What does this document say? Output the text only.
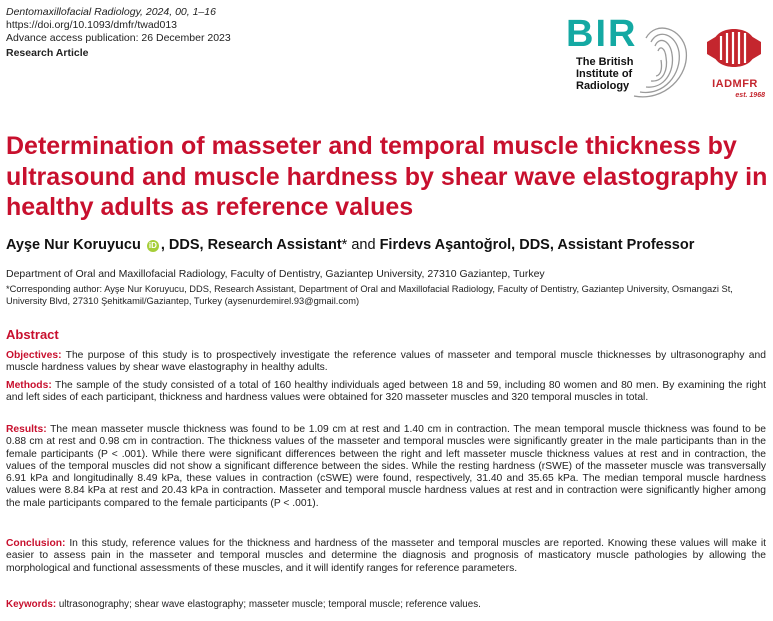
Dentomaxillofacial Radiology, 2024, 00, 1–16
https://doi.org/10.1093/dmfr/twad013
Advance access publication: 26 December 2023
Research Article	BIR
The British
Institute of
Radiology	IADMFR
est. 1968
Determination of masseter and temporal muscle thickness by ultrasound and muscle hardness by shear wave elastography in healthy adults as reference values
Ayşe Nur Koruyucu iD , DDS, Research Assistant* and Firdevs Aşantoğrol, DDS, Assistant Professor
Department of Oral and Maxillofacial Radiology, Faculty of Dentistry, Gaziantep University, 27310 Gaziantep, Turkey
*Corresponding author: Ayşe Nur Koruyucu, DDS, Research Assistant, Department of Oral and Maxillofacial Radiology, Faculty of Dentistry, Gaziantep University, Osmangazi St, University Blvd, 27310 Şehitkamil/Gaziantep, Turkey (aysenurdemirel.93@gmail.com)
Abstract
Objectives: The purpose of this study is to prospectively investigate the reference values of masseter and temporal muscle thicknesses by ultrasonography and muscle hardness values by shear wave elastography in healthy adults.
Methods: The sample of the study consisted of a total of 160 healthy individuals aged between 18 and 59, including 80 women and 80 men. By examining the right and left sides of each participant, thickness and hardness values were obtained for 320 masseter muscles and 320 temporal muscles in total.
Results: The mean masseter muscle thickness was found to be 1.09 cm at rest and 1.40 cm in contraction. The mean temporal muscle thickness was found to be 0.88 cm at rest and 0.98 cm in contraction. The thickness values of the masseter and temporal muscles were significantly greater in the male participants than in the female participants (P < .001). While there were significant differences between the right and left masseter muscle thickness values at rest and in contraction, the values of the temporal muscles did not show a significant difference between the sides. While the resting hardness (rSWE) of the masseter muscle was transversally 6.91 kPa and longitudinally 8.49 kPa, these values in contraction (cSWE) were found, respectively, 31.40 and 35.65 kPa. The median temporal muscle hardness values were 8.84 kPa at rest and 20.43 kPa in contraction. Masseter and temporal muscle hardness values at rest and in contraction were significantly higher among the male participants compared to the female participants (P < .001).
Conclusion: In this study, reference values for the thickness and hardness of the masseter and temporal muscles are reported. Knowing these values will make it easier to assess pain in the masseter and temporal muscles and determine the diagnosis and prognosis of masticatory muscle pathologies by allowing the morphological and functional assessments of these muscles, and it will identify ranges for reference parameters.
Keywords: ultrasonography; shear wave elastography; masseter muscle; temporal muscle; reference values.
